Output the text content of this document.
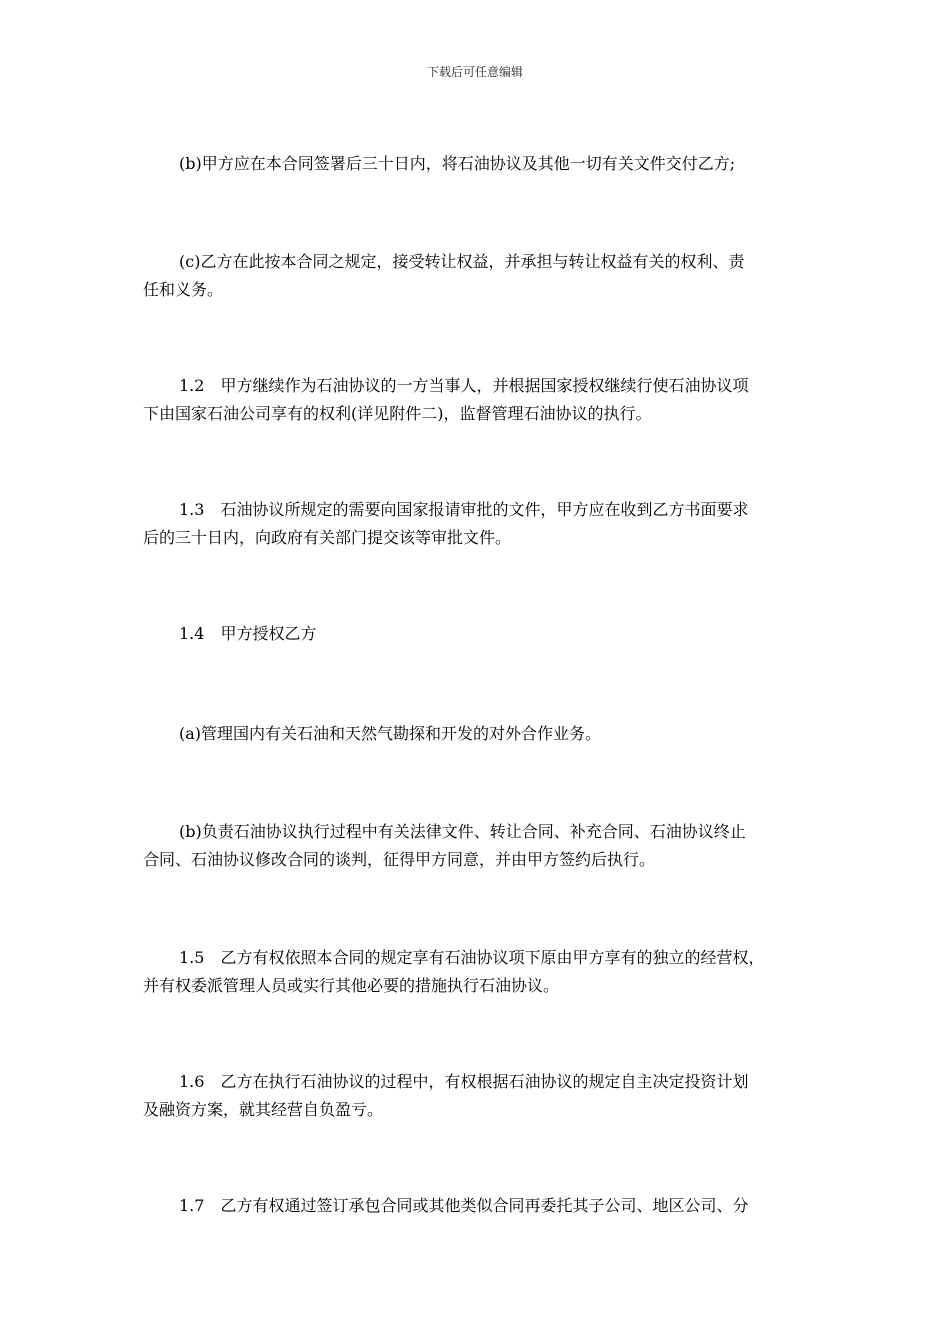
下载后可任意编辑
(b)甲方应在本合同签署后三十日内，将石油协议及其他一切有关文件交付乙方;
(c)乙方在此按本合同之规定，接受转让权益，并承担与转让权益有关的权利、责
任和义务。
1.2　甲方继续作为石油协议的一方当事人，并根据国家授权继续行使石油协议项
下由国家石油公司享有的权利(详见附件二)，监督管理石油协议的执行。
1.3　石油协议所规定的需要向国家报请审批的文件，甲方应在收到乙方书面要求
后的三十日内，向政府有关部门提交该等审批文件。
1.4　甲方授权乙方
(a)管理国内有关石油和天然气勘探和开发的对外合作业务。
(b)负责石油协议执行过程中有关法律文件、转让合同、补充合同、石油协议终止
合同、石油协议修改合同的谈判，征得甲方同意，并由甲方签约后执行。
1.5　乙方有权依照本合同的规定享有石油协议项下原由甲方享有的独立的经营权，
并有权委派管理人员或实行其他必要的措施执行石油协议。
1.6　乙方在执行石油协议的过程中，有权根据石油协议的规定自主决定投资计划
及融资方案，就其经营自负盈亏。
1.7　乙方有权通过签订承包合同或其他类似合同再委托其子公司、地区公司、分
